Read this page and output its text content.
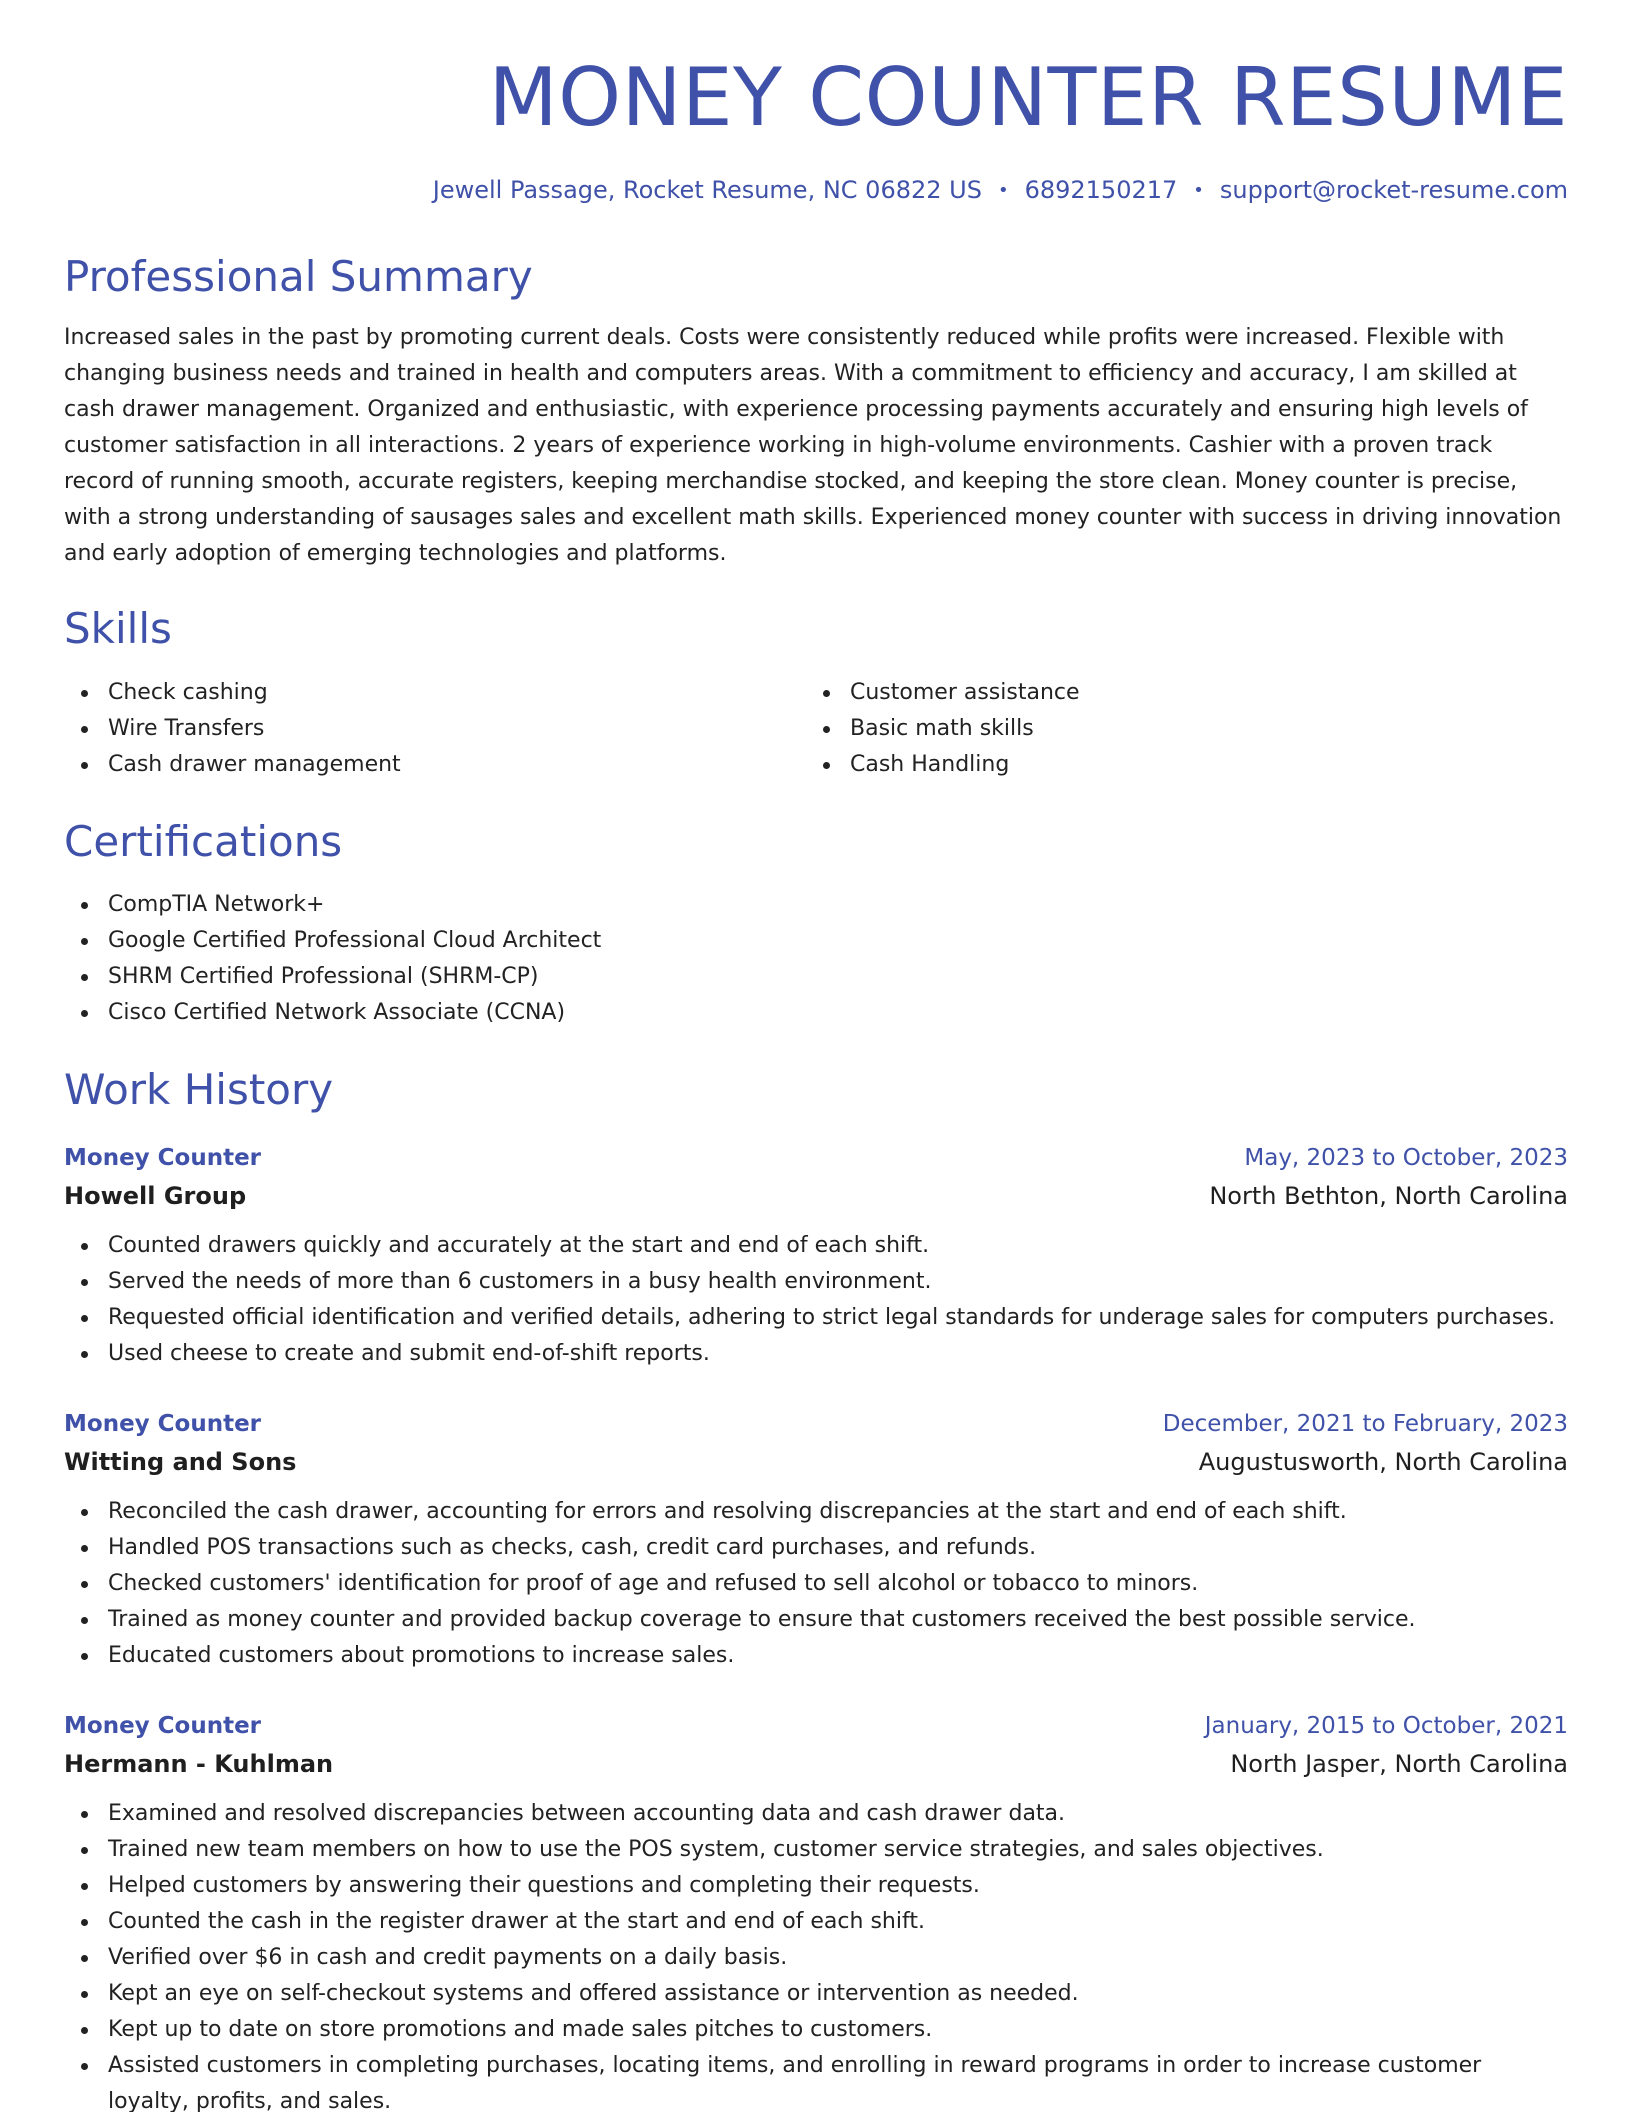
MONEY COUNTER RESUME
Jewell Passage, Rocket Resume, NC 06822 US • 6892150217 • support@rocket-resume.com
Professional Summary

Increased sales in the past by promoting current deals. Costs were consistently reduced while profits were increased. Flexible with changing business needs and trained in health and computers areas. With a commitment to efficiency and accuracy, I am skilled at cash drawer management. Organized and enthusiastic, with experience processing payments accurately and ensuring high levels of customer satisfaction in all interactions. 2 years of experience working in high-volume environments. Cashier with a proven track record of running smooth, accurate registers, keeping merchandise stocked, and keeping the store clean. Money counter is precise, with a strong understanding of sausages sales and excellent math skills. Experienced money counter with success in driving innovation and early adoption of emerging technologies and platforms.

Skills
Check cashing
Wire Transfers
Cash drawer management
Customer assistance
Basic math skills
Cash Handling
Certifications
CompTIA Network+
Google Certified Professional Cloud Architect
SHRM Certified Professional (SHRM-CP)
Cisco Certified Network Associate (CCNA)
Work History
Money Counter	May, 2023 to October, 2023
Howell Group	North Bethton, North Carolina
Counted drawers quickly and accurately at the start and end of each shift.
Served the needs of more than 6 customers in a busy health environment.
Requested official identification and verified details, adhering to strict legal standards for underage sales for computers purchases.
Used cheese to create and submit end-of-shift reports.
Money Counter	December, 2021 to February, 2023
Witting and Sons	Augustusworth, North Carolina
Reconciled the cash drawer, accounting for errors and resolving discrepancies at the start and end of each shift.
Handled POS transactions such as checks, cash, credit card purchases, and refunds.
Checked customers' identification for proof of age and refused to sell alcohol or tobacco to minors.
Trained as money counter and provided backup coverage to ensure that customers received the best possible service.
Educated customers about promotions to increase sales.
Money Counter	January, 2015 to October, 2021
Hermann - Kuhlman	North Jasper, North Carolina
Examined and resolved discrepancies between accounting data and cash drawer data.
Trained new team members on how to use the POS system, customer service strategies, and sales objectives.
Helped customers by answering their questions and completing their requests.
Counted the cash in the register drawer at the start and end of each shift.
Verified over $6 in cash and credit payments on a daily basis.
Kept an eye on self-checkout systems and offered assistance or intervention as needed.
Kept up to date on store promotions and made sales pitches to customers.
Assisted customers in completing purchases, locating items, and enrolling in reward programs in order to increase customer loyalty, profits, and sales.
